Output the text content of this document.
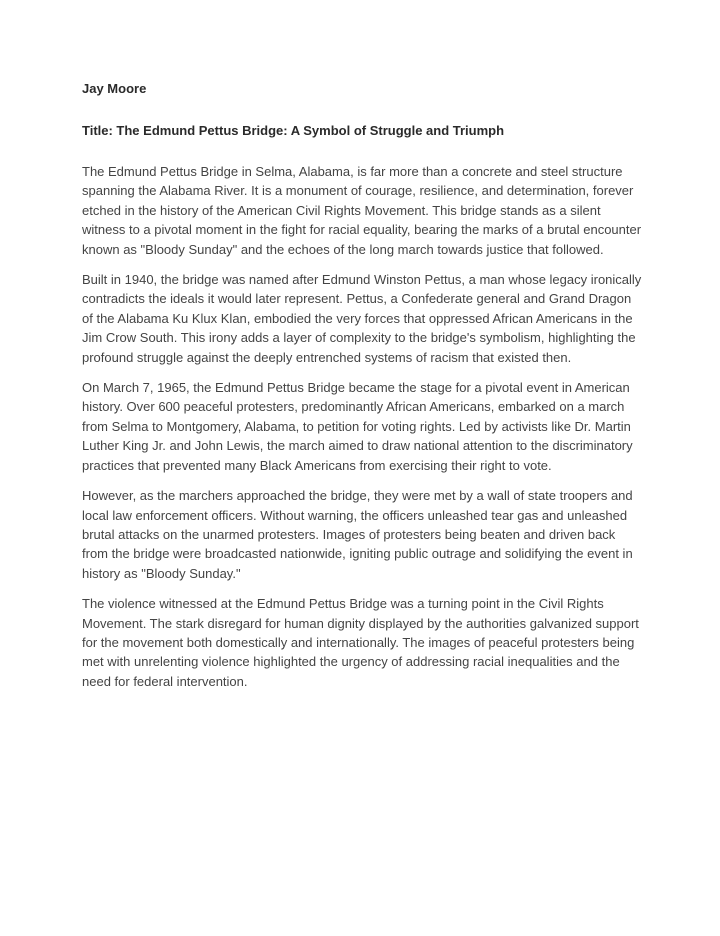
Jay Moore

Title: The Edmund Pettus Bridge: A Symbol of Struggle and Triumph

The Edmund Pettus Bridge in Selma, Alabama, is far more than a concrete and steel structure spanning the Alabama River. It is a monument of courage, resilience, and determination, forever etched in the history of the American Civil Rights Movement. This bridge stands as a silent witness to a pivotal moment in the fight for racial equality, bearing the marks of a brutal encounter known as "Bloody Sunday" and the echoes of the long march towards justice that followed.

Built in 1940, the bridge was named after Edmund Winston Pettus, a man whose legacy ironically contradicts the ideals it would later represent. Pettus, a Confederate general and Grand Dragon of the Alabama Ku Klux Klan, embodied the very forces that oppressed African Americans in the Jim Crow South. This irony adds a layer of complexity to the bridge's symbolism, highlighting the profound struggle against the deeply entrenched systems of racism that existed then.

On March 7, 1965, the Edmund Pettus Bridge became the stage for a pivotal event in American history. Over 600 peaceful protesters, predominantly African Americans, embarked on a march from Selma to Montgomery, Alabama, to petition for voting rights. Led by activists like Dr. Martin Luther King Jr. and John Lewis, the march aimed to draw national attention to the discriminatory practices that prevented many Black Americans from exercising their right to vote.

However, as the marchers approached the bridge, they were met by a wall of state troopers and local law enforcement officers. Without warning, the officers unleashed tear gas and unleashed brutal attacks on the unarmed protesters. Images of protesters being beaten and driven back from the bridge were broadcasted nationwide, igniting public outrage and solidifying the event in history as "Bloody Sunday."

The violence witnessed at the Edmund Pettus Bridge was a turning point in the Civil Rights Movement. The stark disregard for human dignity displayed by the authorities galvanized support for the movement both domestically and internationally. The images of peaceful protesters being met with unrelenting violence highlighted the urgency of addressing racial inequalities and the need for federal intervention.
